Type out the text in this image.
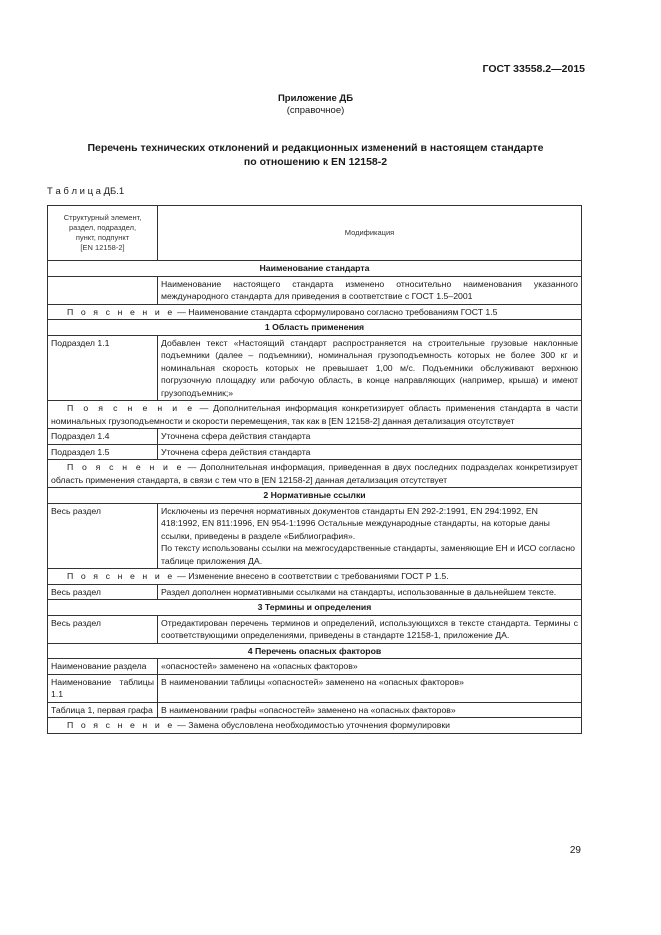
ГОСТ 33558.2—2015
Приложение ДБ
(справочное)
Перечень технических отклонений и редакционных изменений в настоящем стандарте
по отношению к EN 12158-2
Т а б л и ц а ДБ.1
Структурный элемент,
раздел, подраздел,
пункт, подпункт
[EN 12158-2]	Модификация
Наименование стандарта	
	Наименование настоящего стандарта изменено относительно наименования указанного международного стандарта для приведения в соответствие с ГОСТ 1.5–2001
П о я с н е н и е — Наименование стандарта сформулировано согласно требованиям ГОСТ 1.5	
1 Область применения	
Подраздел 1.1	Добавлен текст «Настоящий стандарт распространяется на строительные грузовые наклонные подъемники (далее – подъемники), номинальная грузоподъемность которых не более 300 кг и номинальная скорость которых не превышает 1,00 м/с. Подъемники обслуживают верхнюю погрузочную площадку или рабочую область, в конце направляющих (например, крыша) и имеют грузоподъемник;»
П о я с н е н и е — Дополнительная информация конкретизирует область применения стандарта в части номинальных грузоподъемности и скорости перемещения, так как в [EN 12158-2] данная детализация отсутствует	
Подраздел 1.4	Уточнена сфера действия стандарта
Подраздел 1.5	Уточнена сфера действия стандарта
П о я с н е н и е — Дополнительная информация, приведенная в двух последних подразделах конкретизирует область применения стандарта, в связи с тем что в [EN 12158-2] данная детализация отсутствует	
2 Нормативные ссылки	
Весь раздел	Исключены из перечня нормативных документов стандарты EN 292-2:1991, EN 294:1992, EN 418:1992, EN 811:1996, EN 954-1:1996 Остальные международные стандарты, на которые даны ссылки, приведены в разделе «Библиография».
По тексту использованы ссылки на межгосударственные стандарты, заменяющие ЕН и ИСО согласно таблице приложения ДА.

П о я с н е н и е — Изменение внесено в соответствии с требованиями ГОСТ Р 1.5.	
Весь раздел	Раздел дополнен нормативными ссылками на стандарты, использованные в дальнейшем тексте.
3 Термины и определения	
Весь раздел	Отредактирован перечень терминов и определений, использующихся в тексте стандарта. Термины с соответствующими определениями, приведены в стандарте 12158-1, приложение ДА.
4 Перечень опасных факторов	
Наименование раздела	«опасностей» заменено на «опасных факторов»
Наименование таблицы 1.1	В наименовании таблицы «опасностей» заменено на «опасных факторов»
Таблица 1, первая графа	В наименовании графы «опасностей» заменено на «опасных факторов»
П о я с н е н и е — Замена обусловлена необходимостью уточнения формулировки	
29
